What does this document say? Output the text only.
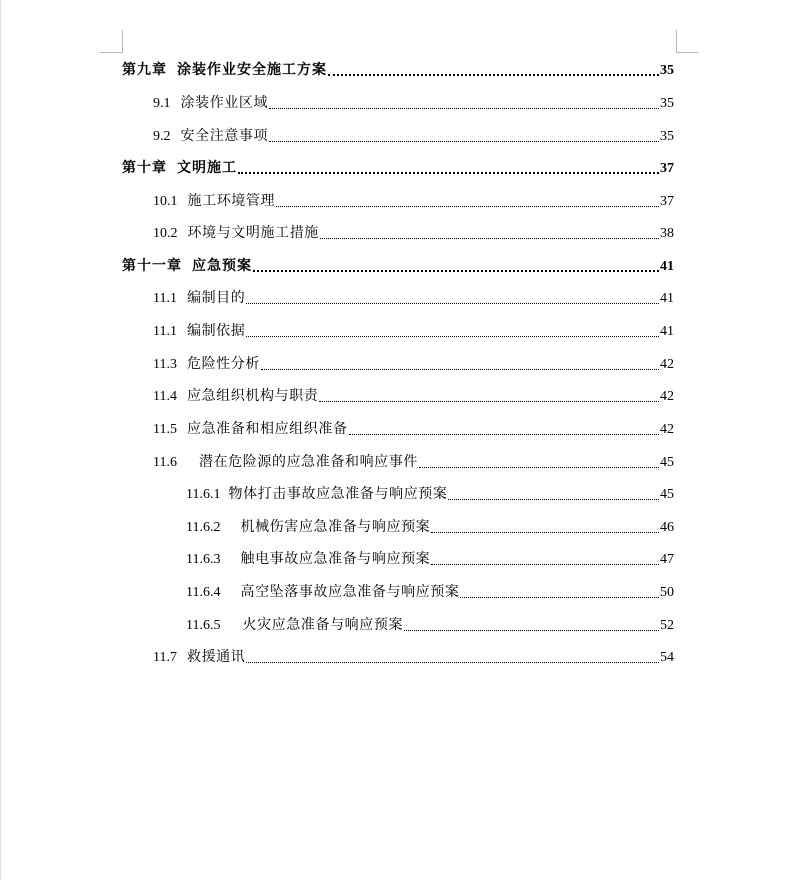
第九章 涂装作业安全施工方案	35
9.1 涂装作业区域	35
9.2 安全注意事项	35
第十章 文明施工	37
10.1 施工环境管理	37
10.2 环境与文明施工措施	38
第十一章 应急预案	41
11.1 编制目的	41
11.1 编制依据	41
11.3 危险性分析	42
11.4 应急组织机构与职责	42
11.5 应急准备和相应组织准备	42
11.6 潜在危险源的应急准备和响应事件	45
11.6.1 物体打击事故应急准备与响应预案	45
11.6.2 机械伤害应急准备与响应预案	46
11.6.3 触电事故应急准备与响应预案	47
11.6.4 高空坠落事故应急准备与响应预案	50
11.6.5 火灾应急准备与响应预案	52
11.7 救援通讯	54
